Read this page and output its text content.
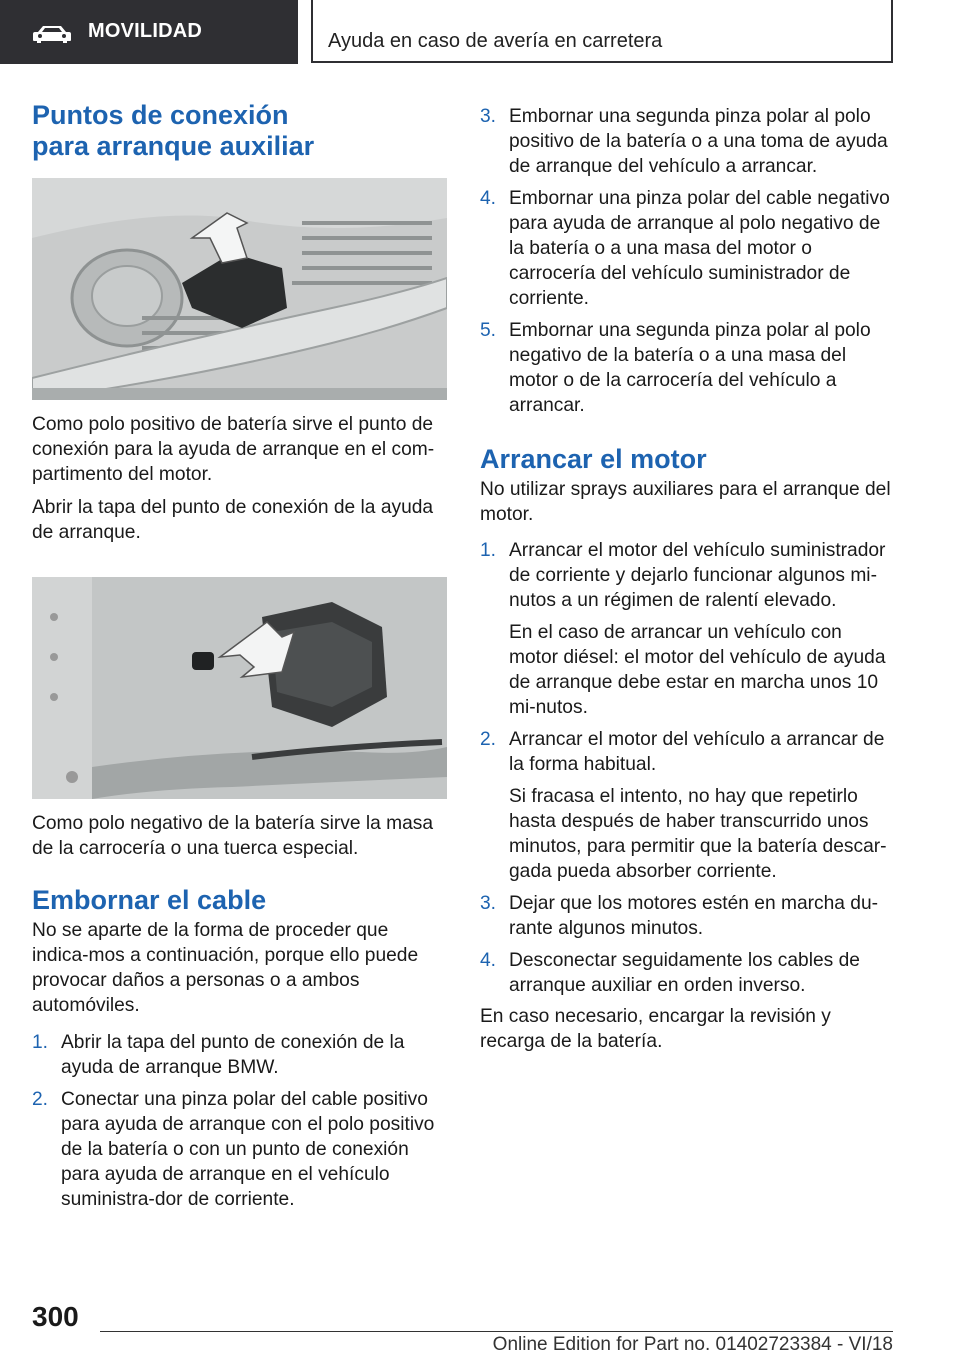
MOVILIDAD	Ayuda en caso de avería en carretera
Puntos de conexión para arranque auxiliar

Como polo positivo de batería sirve el punto de conexión para la ayuda de arranque en el com‐partimento del motor.

Abrir la tapa del punto de conexión de la ayuda de arranque.

Como polo negativo de la batería sirve la masa de la carrocería o una tuerca especial.

Embornar el cable

No se aparte de la forma de proceder que indica‐mos a continuación, porque ello puede provocar daños a personas o a ambos automóviles.

1. Abrir la tapa del punto de conexión de la ayuda de arranque BMW.
2. Conectar una pinza polar del cable positivo para ayuda de arranque con el polo positivo de la batería o con un punto de conexión para ayuda de arranque en el vehículo suministra‐dor de corriente.
3. Embornar una segunda pinza polar al polo positivo de la batería o a una toma de ayuda de arranque del vehículo a arrancar.
4. Embornar una pinza polar del cable negativo para ayuda de arranque al polo negativo de la batería o a una masa del motor o carrocería del vehículo suministrador de corriente.
5. Embornar una segunda pinza polar al polo negativo de la batería o a una masa del motor o de la carrocería del vehículo a arrancar.
Arrancar el motor

No utilizar sprays auxiliares para el arranque del motor.

1. Arrancar el motor del vehículo suministrador de corriente y dejarlo funcionar algunos mi‐nutos a un régimen de ralentí elevado.
En el caso de arrancar un vehículo con motor diésel: el motor del vehículo de ayuda de arranque debe estar en marcha unos 10 mi‐nutos.
2. Arrancar el motor del vehículo a arrancar de la forma habitual.
Si fracasa el intento, no hay que repetirlo hasta después de haber transcurrido unos minutos, para permitir que la batería descar‐gada pueda absorber corriente.
3. Dejar que los motores estén en marcha du‐rante algunos minutos.
4. Desconectar seguidamente los cables de arranque auxiliar en orden inverso.

En caso necesario, encargar la revisión y recarga de la batería.

300
Online Edition for Part no. 01402723384 - VI/18
